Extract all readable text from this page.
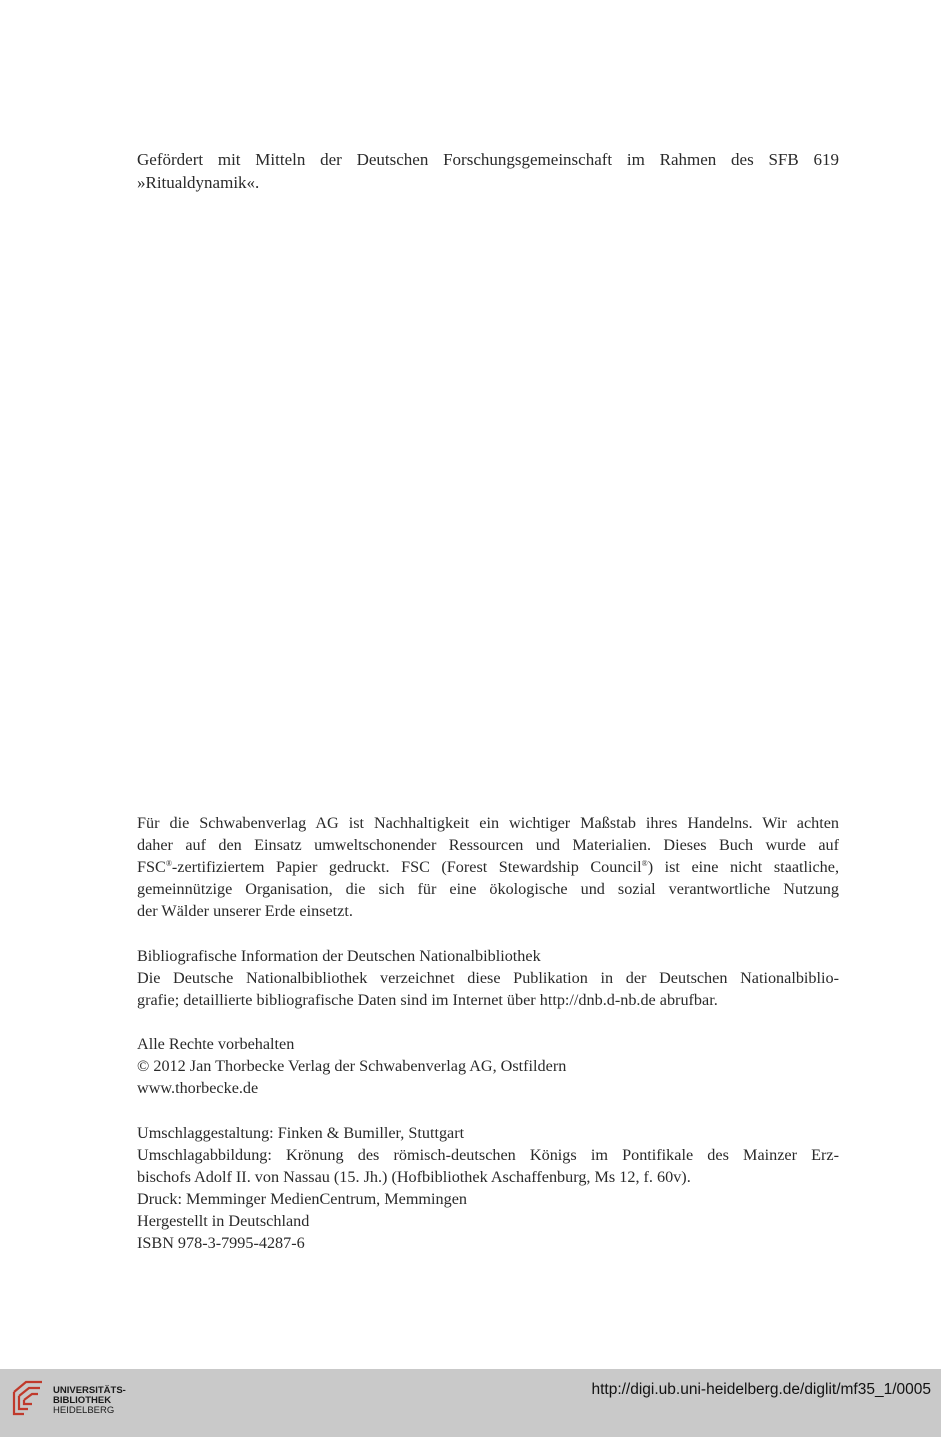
Gefördert mit Mitteln der Deutschen Forschungsgemeinschaft im Rahmen des SFB 619
»Ritualdynamik«.
Für die Schwabenverlag AG ist Nachhaltigkeit ein wichtiger Maßstab ihres Handelns. Wir achten
daher auf den Einsatz umweltschonender Ressourcen und Materialien. Dieses Buch wurde auf
FSC®-zertifiziertem Papier gedruckt. FSC (Forest Stewardship Council®) ist eine nicht staatliche,
gemeinnützige Organisation, die sich für eine ökologische und sozial verantwortliche Nutzung
der Wälder unserer Erde einsetzt.
Bibliografische Information der Deutschen Nationalbibliothek
Die Deutsche Nationalbibliothek verzeichnet diese Publikation in der Deutschen Nationalbiblio-
grafie; detaillierte bibliografische Daten sind im Internet über http://dnb.d-nb.de abrufbar.
Alle Rechte vorbehalten
© 2012 Jan Thorbecke Verlag der Schwabenverlag AG, Ostfildern
www.thorbecke.de
Umschlaggestaltung: Finken & Bumiller, Stuttgart
Umschlagabbildung: Krönung des römisch-deutschen Königs im Pontifikale des Mainzer Erz-
bischofs Adolf II. von Nassau (15. Jh.) (Hofbibliothek Aschaffenburg, Ms 12, f. 60v).
Druck: Memminger MedienCentrum, Memmingen
Hergestellt in Deutschland
ISBN 978-3-7995-4287-6
UNIVERSITÄTS-
BIBLIOTHEK
HEIDELBERG
http://digi.ub.uni-heidelberg.de/diglit/mf35_1/0005
